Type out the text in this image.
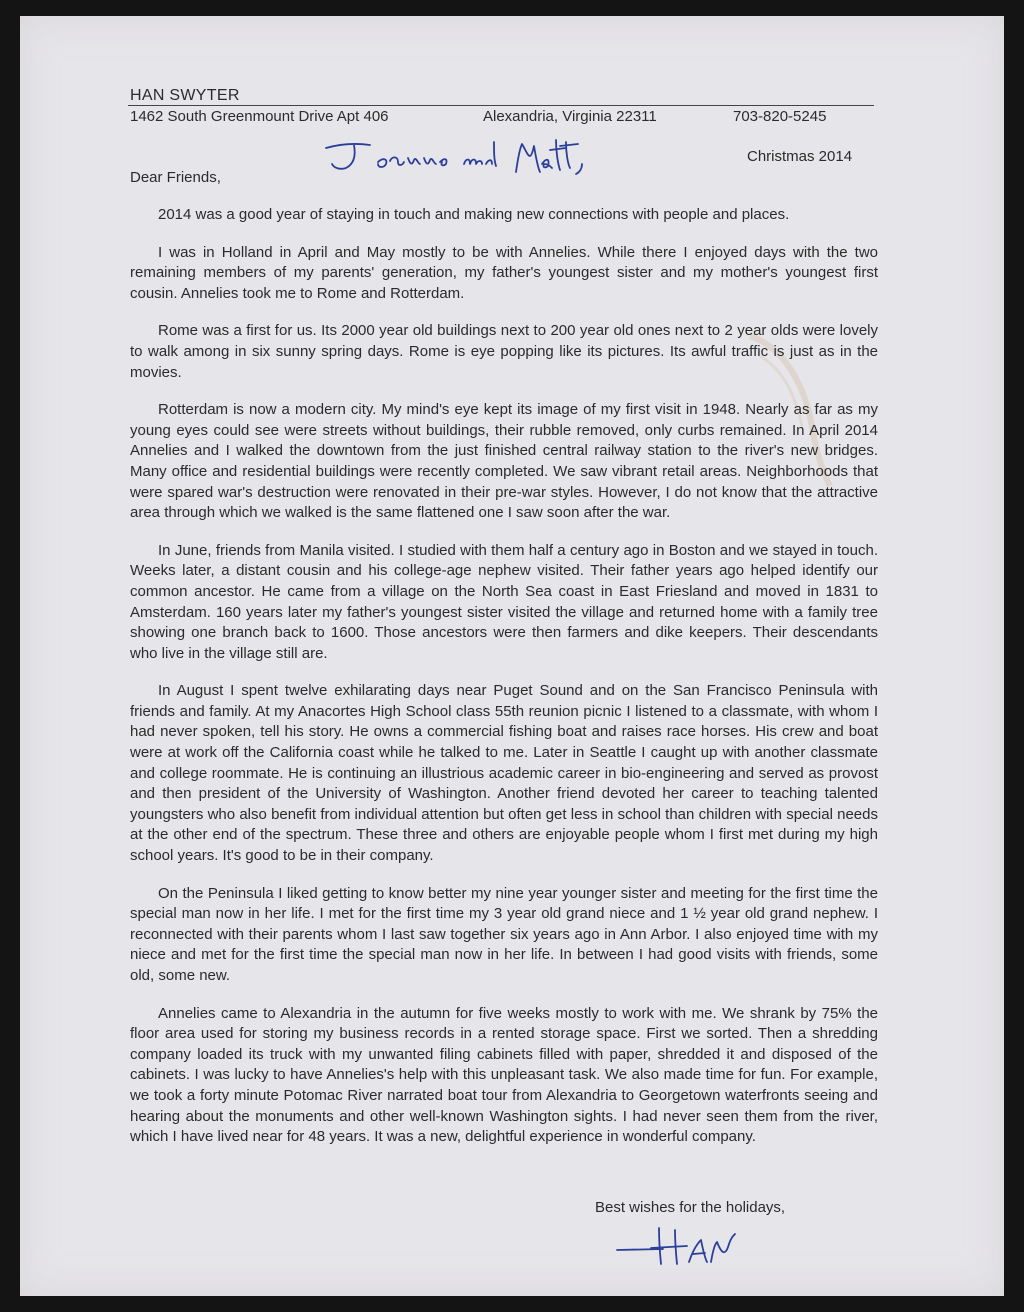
HAN SWYTER
1462 South Greenmount Drive Apt 406	Alexandria, Virginia 22311	703-820-5245
Christmas 2014
Dear Friends,

2014 was a good year of staying in touch and making new connections with people and places.

I was in Holland in April and May mostly to be with Annelies. While there I enjoyed days with the two remaining members of my parents' generation, my father's youngest sister and my mother's youngest first cousin. Annelies took me to Rome and Rotterdam.

Rome was a first for us. Its 2000 year old buildings next to 200 year old ones next to 2 year olds were lovely to walk among in six sunny spring days. Rome is eye popping like its pictures. Its awful traffic is just as in the movies.

Rotterdam is now a modern city. My mind's eye kept its image of my first visit in 1948. Nearly as far as my young eyes could see were streets without buildings, their rubble removed, only curbs remained. In April 2014 Annelies and I walked the downtown from the just finished central railway station to the river's new bridges. Many office and residential buildings were recently completed. We saw vibrant retail areas. Neighborhoods that were spared war's destruction were renovated in their pre-war styles. However, I do not know that the attractive area through which we walked is the same flattened one I saw soon after the war.

In June, friends from Manila visited. I studied with them half a century ago in Boston and we stayed in touch. Weeks later, a distant cousin and his college-age nephew visited. Their father years ago helped identify our common ancestor. He came from a village on the North Sea coast in East Friesland and moved in 1831 to Amsterdam. 160 years later my father's youngest sister visited the village and returned home with a family tree showing one branch back to 1600. Those ancestors were then farmers and dike keepers. Their descendants who live in the village still are.

In August I spent twelve exhilarating days near Puget Sound and on the San Francisco Peninsula with friends and family. At my Anacortes High School class 55th reunion picnic I listened to a classmate, with whom I had never spoken, tell his story. He owns a commercial fishing boat and raises race horses. His crew and boat were at work off the California coast while he talked to me. Later in Seattle I caught up with another classmate and college roommate. He is continuing an illustrious academic career in bio-engineering and served as provost and then president of the University of Washington. Another friend devoted her career to teaching talented youngsters who also benefit from individual attention but often get less in school than children with special needs at the other end of the spectrum. These three and others are enjoyable people whom I first met during my high school years. It's good to be in their company.

On the Peninsula I liked getting to know better my nine year younger sister and meeting for the first time the special man now in her life. I met for the first time my 3 year old grand niece and 1 ½ year old grand nephew. I reconnected with their parents whom I last saw together six years ago in Ann Arbor. I also enjoyed time with my niece and met for the first time the special man now in her life. In between I had good visits with friends, some old, some new.

Annelies came to Alexandria in the autumn for five weeks mostly to work with me. We shrank by 75% the floor area used for storing my business records in a rented storage space. First we sorted. Then a shredding company loaded its truck with my unwanted filing cabinets filled with paper, shredded it and disposed of the cabinets. I was lucky to have Annelies's help with this unpleasant task. We also made time for fun. For example, we took a forty minute Potomac River narrated boat tour from Alexandria to Georgetown waterfronts seeing and hearing about the monuments and other well-known Washington sights. I had never seen them from the river, which I have lived near for 48 years. It was a new, delightful experience in wonderful company.

Best wishes for the holidays,
